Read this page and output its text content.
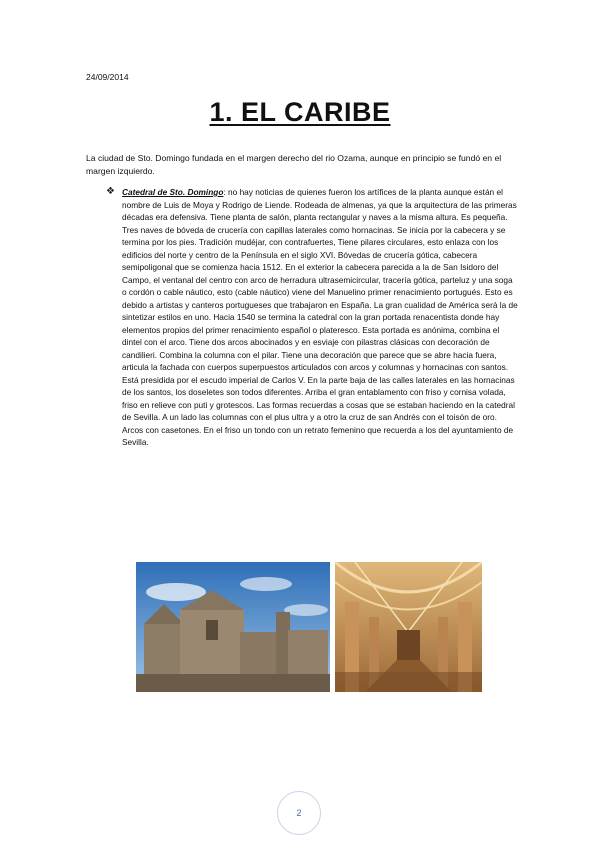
24/09/2014
1. EL CARIBE
La ciudad de Sto. Domingo fundada en el margen derecho del rio Ozama, aunque en principio se fundó en el margen izquierdo.
❖ Catedral de Sto. Domingo: no hay noticias de quienes fueron los artífices de la planta aunque están el nombre de Luis de Moya y Rodrigo de Liende. Rodeada de almenas, ya que la arquitectura de las primeras décadas era defensiva. Tiene planta de salón, planta rectangular y naves a la misma altura. Es pequeña. Tres naves de bóveda de crucería con capillas laterales como hornacinas. Se inicia por la cabecera y se termina por los pies. Tradición mudéjar, con contrafuertes, Tiene pilares circulares, esto enlaza con los edificios del norte y centro de la Península en el siglo XVI. Bóvedas de crucería gótica, cabecera semipoligonal que se comienza hacia 1512. En el exterior la cabecera parecida a la de San Isidoro del Campo, el ventanal del centro con arco de herradura ultrasemicircular, tracería gótica, parteluz y una soga o cordón o cable náutico, esto (cable náutico) viene del Manuelino primer renacimiento portugués. Esto es debido a artistas y canteros portugueses que trabajaron en España. La gran cualidad de América será la de sintetizar estilos en uno. Hacia 1540 se termina la catedral con la gran portada renacentista donde hay elementos propios del primer renacimiento español o plateresco. Esta portada es anónima, combina el dintel con el arco. Tiene dos arcos abocinados y en esviaje con pilastras clásicas con decoración de candilieri. Combina la columna con el pilar. Tiene una decoración que parece que se abre hacia fuera, articula la fachada con cuerpos superpuestos articulados con arcos y columnas y hornacinas con santos. Está presidida por el escudo imperial de Carlos V. En la parte baja de las calles laterales en las hornacinas de los santos, los doseletes son todos diferentes. Arriba el gran entablamento con friso y cornisa volada, friso en relieve con puti y grotescos. Las formas recuerdas a cosas que se estaban haciendo en la catedral de Sevilla. A un lado las columnas con el plus ultra y a otro la cruz de san Andrés con el toisón de oro. Arcos con casetones. En el friso un tondo con un retrato femenino que recuerda a los del ayuntamiento de Sevilla.
2
